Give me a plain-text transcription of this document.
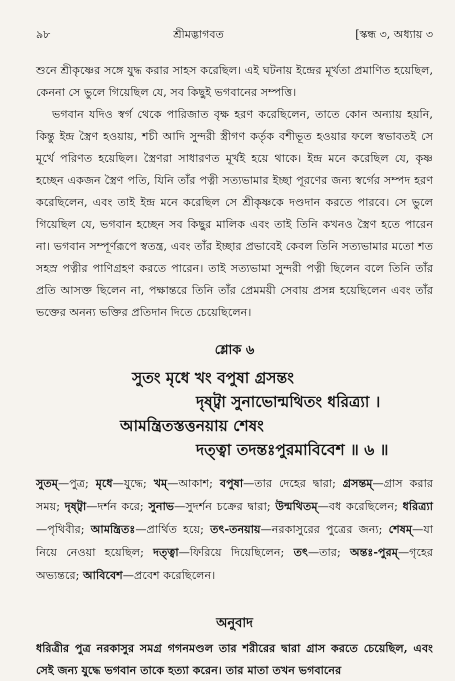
৯৮	শ্রীমদ্ভাগবত	[স্কন্ধ ৩, অধ্যায় ৩

শুনে শ্রীকৃষ্ণের সঙ্গে যুদ্ধ করার সাহস করেছিল। এই ঘটনায় ইন্দ্রের মূর্খতা প্রমাণিত হয়েছিল, কেননা সে ভুলে গিয়েছিল যে, সব কিছুই ভগবানের সম্পত্তি।

ভগবান যদিও স্বর্গ থেকে পারিজাত বৃক্ষ হরণ করেছিলেন, তাতে কোন অন্যায় হয়নি, কিন্তু ইন্দ্র স্ত্রৈণ হওয়ায়, শচী আদি সুন্দরী স্ত্রীগণ কর্তৃক বশীভূত হওয়ার ফলে স্বভাবতই সে মূর্খে পরিণত হয়েছিল। স্ত্রৈণরা সাধারণত মূর্খই হয়ে থাকে। ইন্দ্র মনে করেছিল যে, কৃষ্ণ হচ্ছেন একজন স্ত্রৈণ পতি, যিনি তাঁর পত্নী সত্যভামার ইচ্ছা পূরণের জন্য স্বর্গের সম্পদ হরণ করেছিলেন, এবং তাই ইন্দ্র মনে করেছিল সে শ্রীকৃষ্ণকে দণ্ডদান করতে পারবে। সে ভুলে গিয়েছিল যে, ভগবান হচ্ছেন সব কিছুর মালিক এবং তাই তিনি কখনও স্ত্রৈণ হতে পারেন না। ভগবান সম্পূর্ণরূপে স্বতন্ত্র, এবং তাঁর ইচ্ছার প্রভাবেই কেবল তিনি সত্যভামার মতো শত সহস্র পত্নীর পাণিগ্রহণ করতে পারেন। তাই সত্যভামা সুন্দরী পত্নী ছিলেন বলে তিনি তাঁর প্রতি আসক্ত ছিলেন না, পক্ষান্তরে তিনি তাঁর প্রেমময়ী সেবায় প্রসন্ন হয়েছিলেন এবং তাঁর ভক্তের অনন্য ভক্তির প্রতিদান দিতে চেয়েছিলেন।

শ্লোক ৬
সুতং মৃধে খং বপুষা গ্রসন্তং
দৃষ্ট্বা সুনাভোন্মথিতং ধরিত্র্যা ।
আমন্ত্রিতস্তত্তনয়ায় শেষং
দত্ত্বা তদন্তঃপুরমাবিবেশ ॥ ৬ ॥

সুতম্—পুত্র; মৃধে—যুদ্ধে; খম্—আকাশ; বপুষা—তার দেহের দ্বারা; গ্রসন্তম্—গ্রাস করার সময়; দৃষ্ট্বা—দর্শন করে; সুনাভ—সুদর্শন চক্রের দ্বারা; উন্মথিতম্—বধ করেছিলেন; ধরিত্র্যা—পৃথিবীর; আমন্ত্রিতঃ—প্রার্থিত হয়ে; তৎ-তনয়ায়—নরকাসুরের পুত্রের জন্য; শেষম্—যা নিয়ে নেওয়া হয়েছিল; দত্ত্বা—ফিরিয়ে দিয়েছিলেন; তৎ—তার; অন্তঃ-পুরম্—গৃহের অভ্যন্তরে; আবিবেশ—প্রবেশ করেছিলেন।

অনুবাদ

ধরিত্রীর পুত্র নরকাসুর সমগ্র গগনমণ্ডল তার শরীরের দ্বারা গ্রাস করতে চেয়েছিল, এবং সেই জন্য যুদ্ধে ভগবান তাকে হত্যা করেন। তার মাতা তখন ভগবানের
